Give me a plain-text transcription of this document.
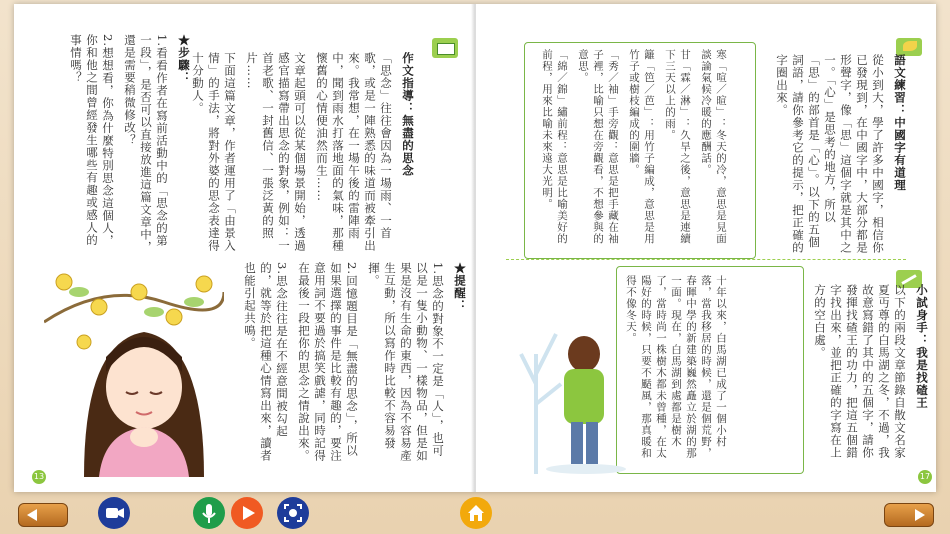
作文指導：無盡的思念

「思念」往往會因為一場雨、一首歌，或是一陣熟悉的味道而被牽引出來。我常想，在一場午後的雷陣雨中，聞到雨水打落地面的氣味，那種懷舊的心情便油然而生……

文章起頭可以從某個場景開始，透過感官描寫帶出思念的對象，例如：一首老歌、一封舊信、一張泛黃的照片……

下面這篇文章，作者運用了「由景入情」的手法，將對外婆的思念表達得十分動人。

★步驟：

1.看看作者在寫前活動中的「思念的第一段」，是否可以直接放進這篇文章中，還是需要稍微修改？

2.想想看，你為什麼特別思念這個人，你和他之間曾經發生哪些有趣或感人的事情嗎？

★提醒：

1.思念的對象不一定是「人」，也可以是一隻小動物、一樣物品，但是如果是沒有生命的東西，因為不容易產生互動，所以寫作時比較不容易發揮。

2.回憶題目是「無盡的思念」，所以如果選擇的事件是比較有趣的，要注意用詞不要過於搞笑戲謔，同時記得在最後一段把你的思念之情說出來。

3.思念往往是在不經意間被勾起的，就等於把這種心情寫出來，讀者也能引起共鳴。

13

語文練習：中國字有道理

從小到大，學了許多中國字，相信你已發現到，在中國字中，大部分都是形聲字，像「思」這個字就是其中之一。「心」是思考的地方，所以「思」的部首是「心」。以下的五個詞語，請你參考它的提示，把正確的字圈出來。

寒「喧／暄」：冬天的冷，意思是見面談論氣候冷暖的應酬話。

甘「霖／淋」：久旱之後，意思是連續下三天以上的雨。

籬「笆／芭」：用竹子編成，意思是用竹子或樹枝編成的圍牆。

「秀／袖」手旁觀：意思是把手藏在袖子裡，比喻只想在旁觀看，不想參與的意思。

「綿／錦」繡前程：意思是比喻美好的前程，用來比喻未來遠大光明。

小試身手：我是找碴王

以下的兩段文章節錄自散文名家夏丏尊的白馬湖之冬，不過，我故意寫錯了其中的五個字，請你發揮找碴王的功力，把這五個錯字找出來，並把正確的字寫在上方的空白處。

十年以來，白馬湖已成了一個小村落，當我移居的時候，還是個荒野，春暉中學的新建築巍然矗立於湖的那一面。現在，白馬湖到處都是樹木了，當時尚一株樹木都未曾種，在太陽好的時候，只要不颳風，那真暖和得不像冬天。
17
